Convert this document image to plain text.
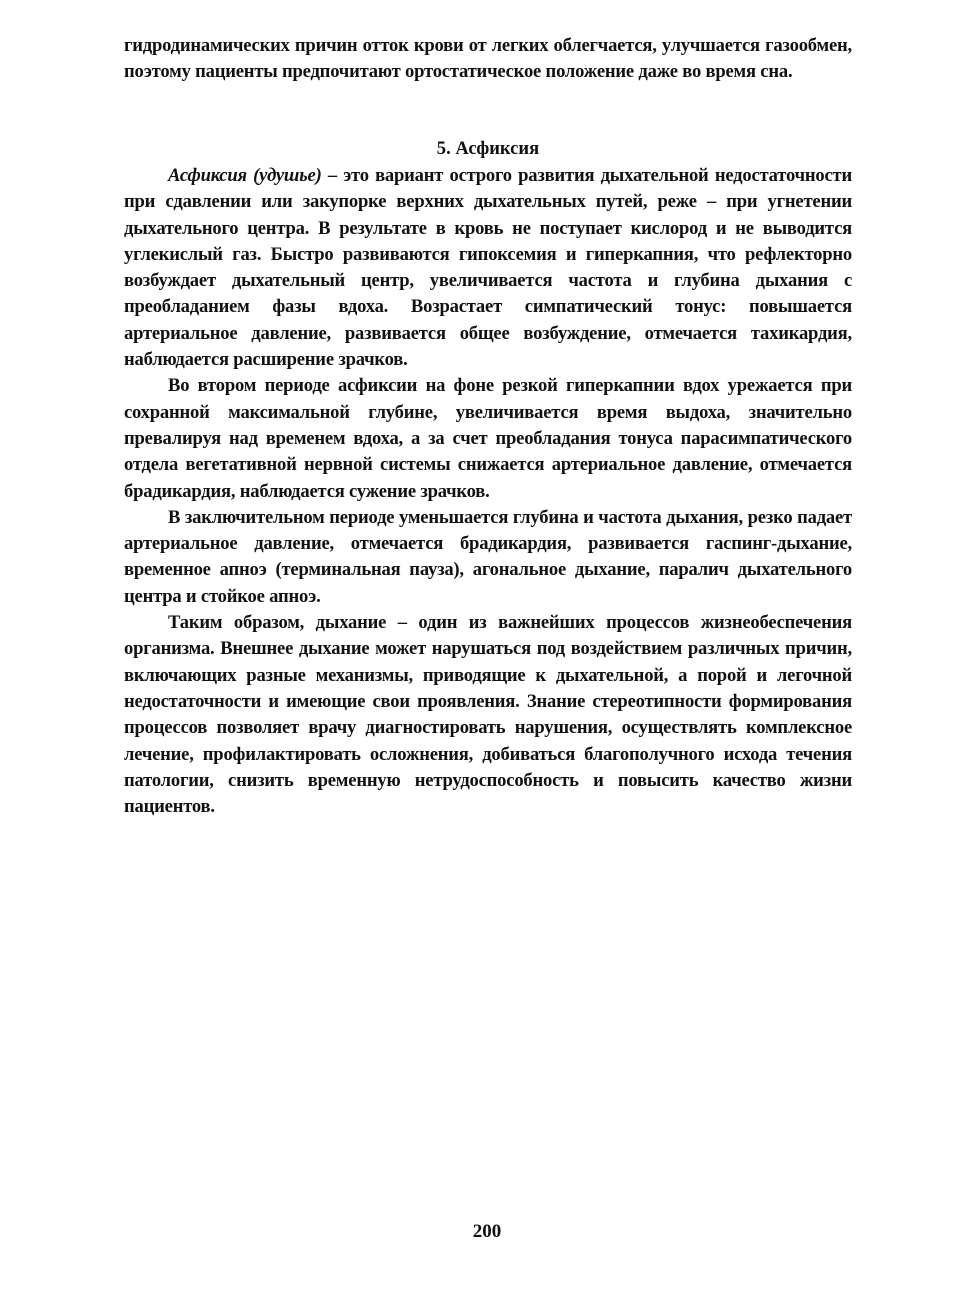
гидродинамических причин отток крови от легких облегчается, улучшается газообмен, поэтому пациенты предпочитают ортостатическое положение даже во время сна.

5. Асфиксия

Асфиксия (удушье) – это вариант острого развития дыхательной недостаточности при сдавлении или закупорке верхних дыхательных путей, реже – при угнетении дыхательного центра. В результате в кровь не поступает кислород и не выводится углекислый газ. Быстро развиваются гипоксемия и гиперкапния, что рефлекторно возбуждает дыхательный центр, увеличивается частота и глубина дыхания с преобладанием фазы вдоха. Возрастает симпатический тонус: повышается артериальное давление, развивается общее возбуждение, отмечается тахикардия, наблюдается расширение зрачков.

Во втором периоде асфиксии на фоне резкой гиперкапнии вдох урежается при сохранной максимальной глубине, увеличивается время выдоха, значительно превалируя над временем вдоха, а за счет преобладания тонуса парасимпатического отдела вегетативной нервной системы снижается артериальное давление, отмечается брадикардия, наблюдается сужение зрачков.

В заключительном периоде уменьшается глубина и частота дыхания, резко падает артериальное давление, отмечается брадикардия, развивается гаспинг-дыхание, временное апноэ (терминальная пауза), агональное дыхание, паралич дыхательного центра и стойкое апноэ.

Таким образом, дыхание – один из важнейших процессов жизнеобеспечения организма. Внешнее дыхание может нарушаться под воздействием различных причин, включающих разные механизмы, приводящие к дыхательной, а порой и легочной недостаточности и имеющие свои проявления. Знание стереотипности формирования процессов позволяет врачу диагностировать нарушения, осуществлять комплексное лечение, профилактировать осложнения, добиваться благополучного исхода течения патологии, снизить временную нетрудоспособность и повысить качество жизни пациентов.

200
